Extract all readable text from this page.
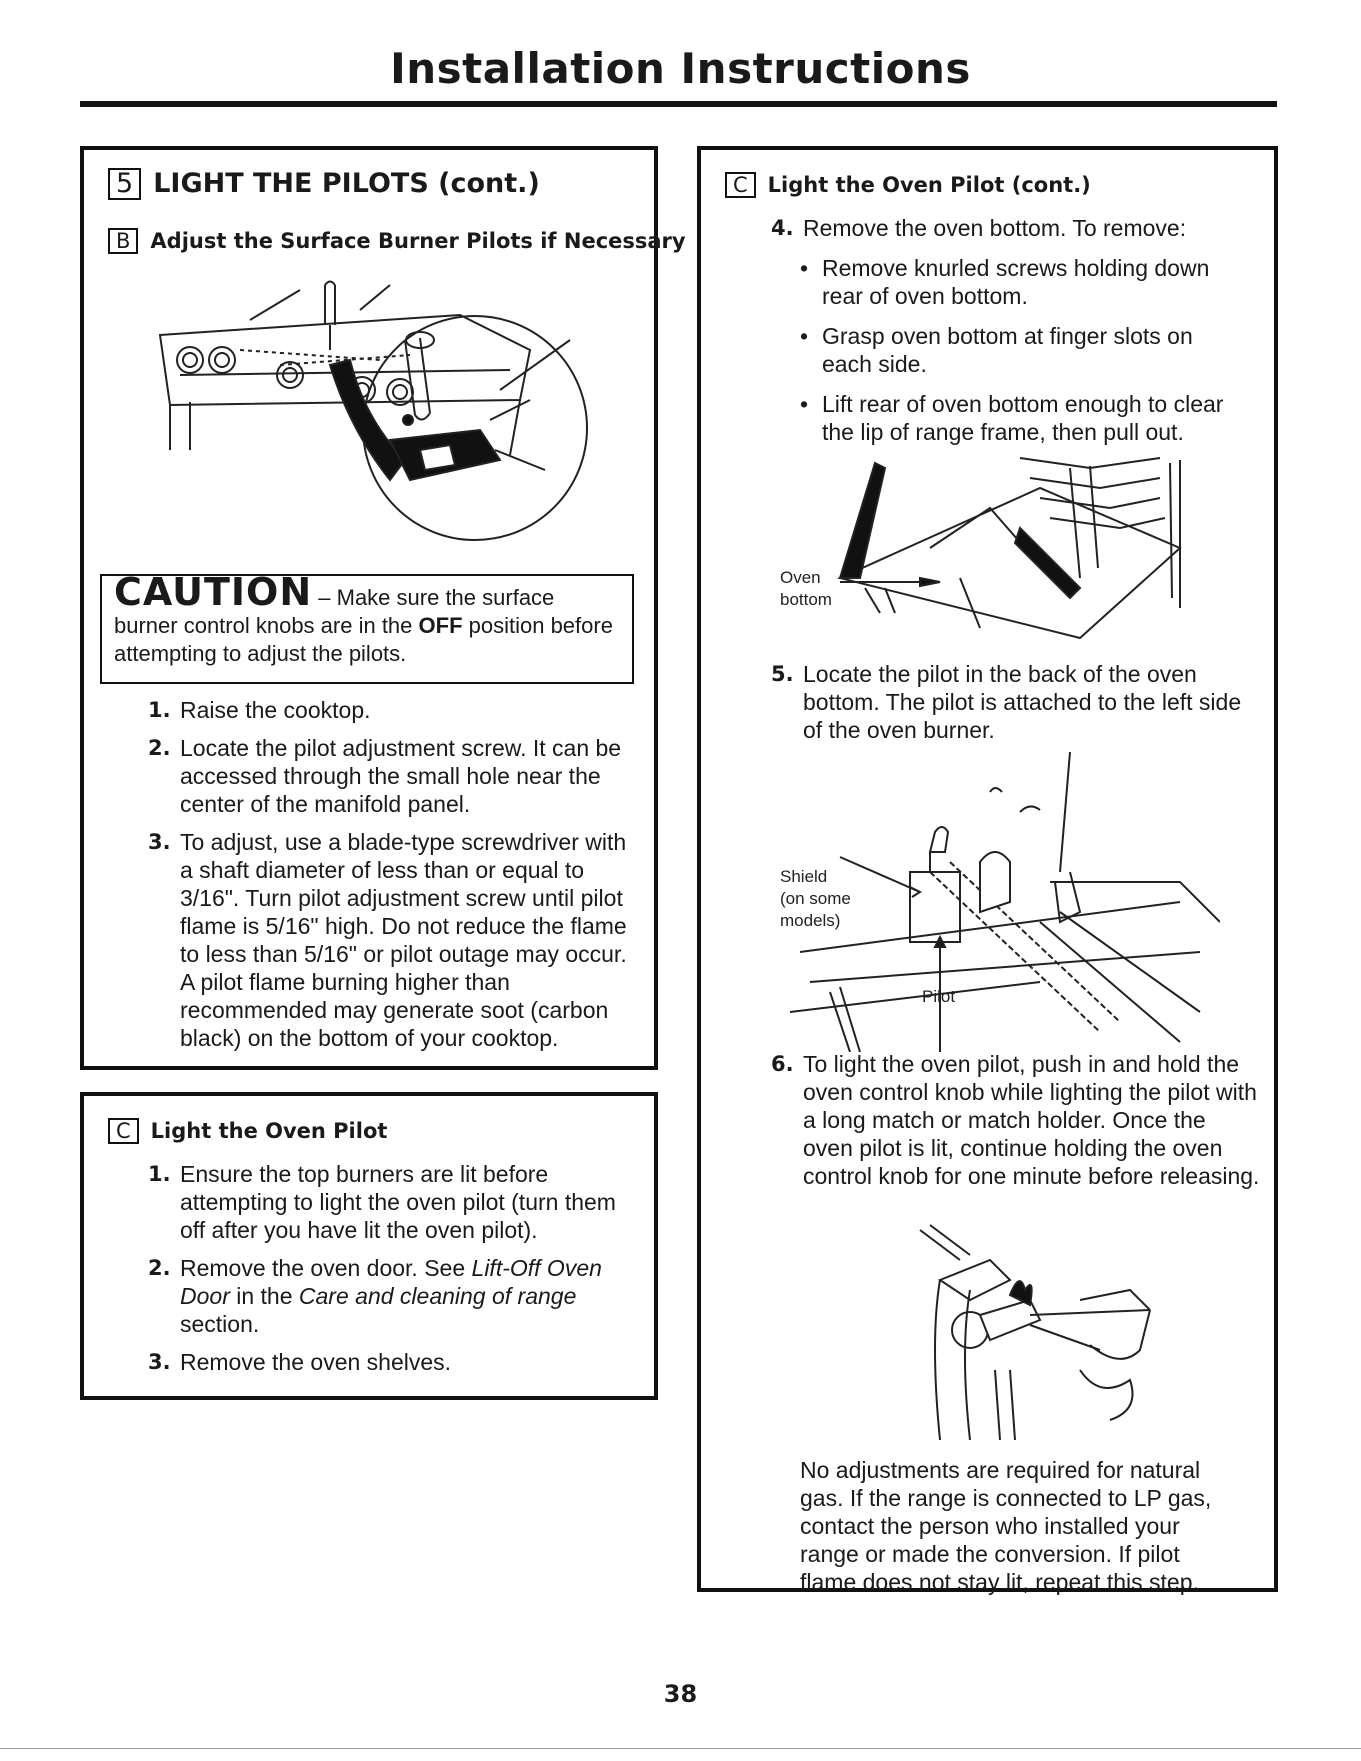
Installation Instructions
5 LIGHT THE PILOTS (cont.)
B Adjust the Surface Burner Pilots if Necessary
CAUTION – Make sure the surface burner control knobs are in the OFF position before attempting to adjust the pilots.
1. Raise the cooktop.
2. Locate the pilot adjustment screw. It can be accessed through the small hole near the center of the manifold panel.
3. To adjust, use a blade-type screwdriver with a shaft diameter of less than or equal to 3/16". Turn pilot adjustment screw until pilot flame is 5/16" high. Do not reduce the flame to less than 5/16" or pilot outage may occur. A pilot flame burning higher than recommended may generate soot (carbon black) on the bottom of your cooktop.
C Light the Oven Pilot
1. Ensure the top burners are lit before attempting to light the oven pilot (turn them off after you have lit the oven pilot).
2. Remove the oven door. See Lift-Off Oven Door in the Care and cleaning of range section.
3. Remove the oven shelves.
C Light the Oven Pilot (cont.)
4. Remove the oven bottom. To remove:
• Remove knurled screws holding down rear of oven bottom.
• Grasp oven bottom at finger slots on each side.
• Lift rear of oven bottom enough to clear the lip of range frame, then pull out.
Oven
bottom
5. Locate the pilot in the back of the oven bottom. The pilot is attached to the left side of the oven burner.
Shield
(on some
models)
Pilot
6. To light the oven pilot, push in and hold the oven control knob while lighting the pilot with a long match or match holder. Once the oven pilot is lit, continue holding the oven control knob for one minute before releasing.
No adjustments are required for natural gas. If the range is connected to LP gas, contact the person who installed your range or made the conversion. If pilot flame does not stay lit, repeat this step.
38
